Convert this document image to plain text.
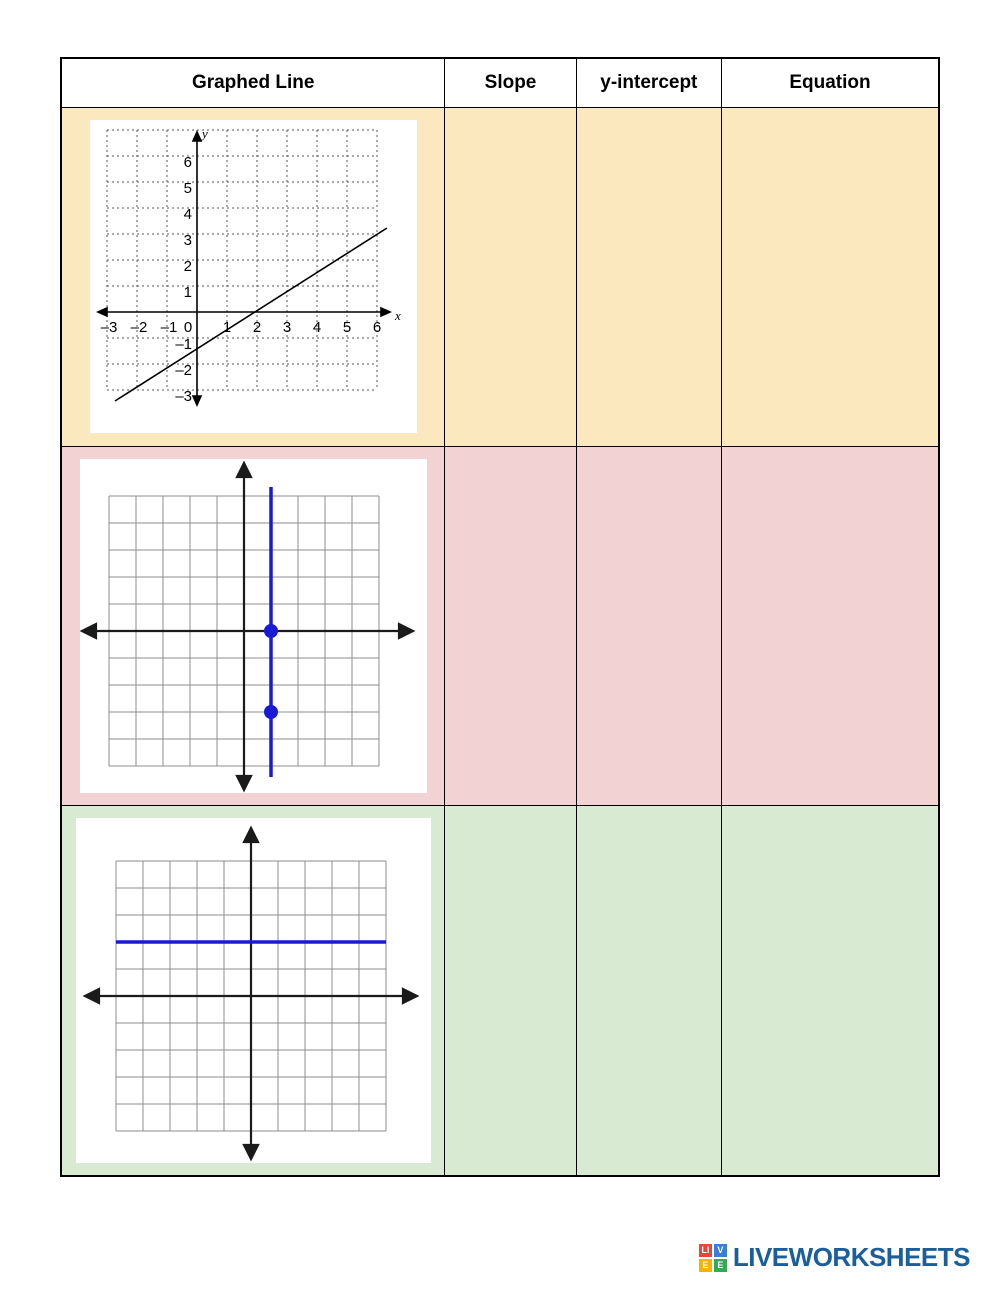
Graphed Line	Slope	y-intercept	Equation

y
x
6
5
4
3
2
1
–1
–2
–3
–3 –2 –1 0 1 2 3 4 5 6

LI V
E E LIVEWORKSHEETS
